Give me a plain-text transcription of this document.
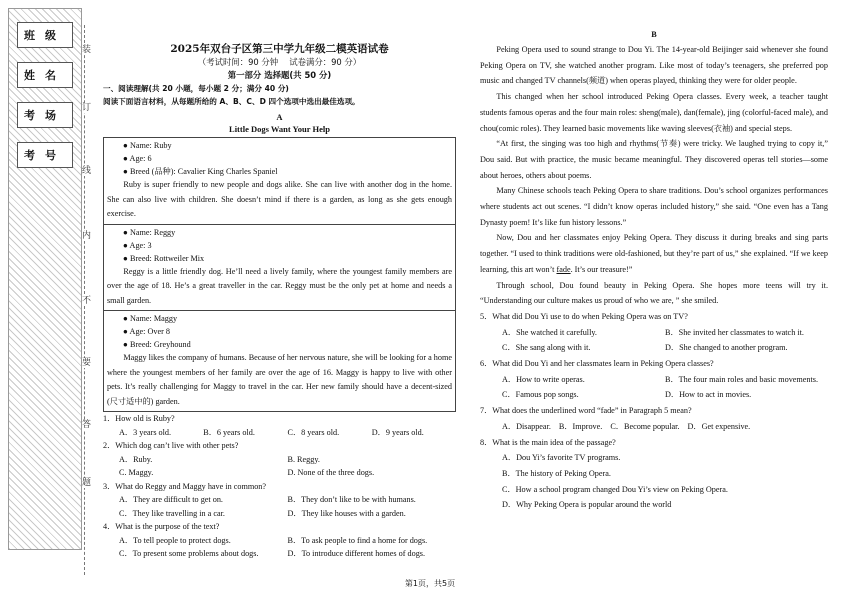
班级
姓名
考场
考号
装
订
线
内
不
要
答
题
2025年双台子区第三中学九年级二模英语试卷
（考试时间：90 分钟　 试卷满分：90 分）
第一部分 选择题(共 50 分)
一、阅读理解(共 20 小题，每小题 2 分；满分 40 分)
阅读下面语言材料，从每题所给的 A、B、C、D 四个选项中选出最佳选项。
A
Little Dogs Want Your Help
● Name: Ruby
● Age: 6
● Breed (品种): Cavalier King Charles Spaniel
Ruby is super friendly to new people and dogs alike. She can live with another dog in the home. She can also live with children. She doesn’t mind if there is a garden, as long as she gets enough exercise.
● Name: Reggy
● Age: 3
● Breed: Rottweiler Mix
Reggy is a little friendly dog. He’ll need a lively family, where the youngest family members are over the age of 18. He’s a great traveller in the car. Reggy must be the only pet at home and needs a small garden.
● Name: Maggy
● Age: Over 8
● Breed: Greyhound
Maggy likes the company of humans. Because of her nervous nature, she will be looking for a home where the youngest members of her family are over the age of 16. Maggy is happy to live with other pets. It’s really challenging for Maggy to travel in the car. Her new family should have a decent-sized (尺寸适中的) garden.
1．How old is Ruby?
A．3 years old.	B．6 years old.	C．8 years old.	D．9 years old.
2．Which dog can’t live with other pets?
A．Ruby.	B. Reggy.
C. Maggy.	D. None of the three dogs.
3．What do Reggy and Maggy have in common?
A．They are difficult to get on.	B．They don’t like to be with humans.
C．They like travelling in a car.	D．They like houses with a garden.
4．What is the purpose of the text?
A．To tell people to protect dogs.	B．To ask people to find a home for dogs.
C．To present some problems about dogs.	D．To introduce different homes of dogs.
B
Peking Opera used to sound strange to Dou Yi. The 14-year-old Beijinger said whenever she found Peking Opera on TV, she watched another program. Like most of today’s teenagers, she preferred pop music and changed TV channels(频道) when operas played, thinking they were for older people.
This changed when her school introduced Peking Opera classes. Every week, a teacher taught students famous operas and the four main roles: sheng(male), dan(female), jing (colorful-faced male), and chou(comic roles). They learned basic movements like waving sleeves(衣袖) and special steps.
“At first, the singing was too high and rhythms(节奏) were tricky. We laughed trying to copy it,” Dou said. But with practice, the music became meaningful. They discovered operas tell stories—some about heroes, others about poems.
Many Chinese schools teach Peking Opera to share traditions. Dou’s school organizes performances where students act out scenes. “I didn’t know operas included history,” she said. “One even has a Tang Dynasty poem! It’s like fun history lessons.”
Now, Dou and her classmates enjoy Peking Opera. They discuss it during breaks and sing parts together. “I used to think traditions were old-fashioned, but they’re part of us,” she explained. “If we keep learning, this art won’t fade. It’s our treasure!”
Through school, Dou found beauty in Peking Opera. She hopes more teens will try it. “Understanding our culture makes us proud of who we are, ” she smiled.
5．What did Dou Yi use to do when Peking Opera was on TV?
A．She watched it carefully.	B．She invited her classmates to watch it.
C．She sang along with it.	D．She changed to another program.
6．What did Dou Yi and her classmates learn in Peking Opera classes?
A．How to write operas.	B．The four main roles and basic movements.
C．Famous pop songs.	D．How to act in movies.
7．What does the underlined word “fade” in Paragraph 5 mean?
A．Disappear. B．Improve. C．Become popular. D．Get expensive.
8．What is the main idea of the passage?
A．Dou Yi’s favorite TV programs.
B．The history of Peking Opera.
C．How a school program changed Dou Yi’s view on Peking Opera.
D．Why Peking Opera is popular around the world
第1页，共5页
